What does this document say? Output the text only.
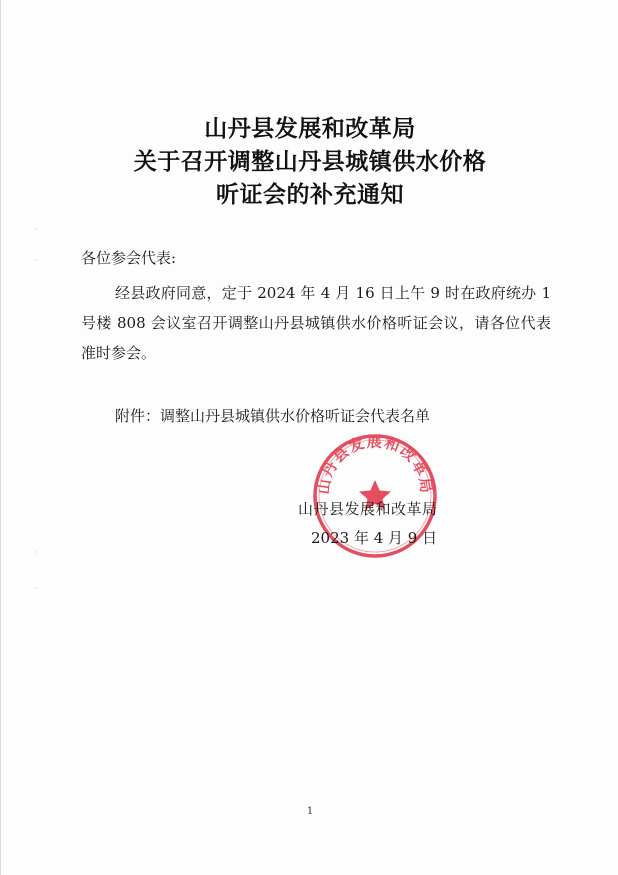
山丹县发展和改革局
关于召开调整山丹县城镇供水价格
听证会的补充通知
各位参会代表:
经县政府同意，定于 2024 年 4 月 16 日上午 9 时在政府统办 1 号楼 808 会议室召开调整山丹县城镇供水价格听证会议，请各位代表准时参会。
附件：调整山丹县城镇供水价格听证会代表名单
山丹县发展和改革局
山丹县发展和改革局
2023 年 4 月 9 日
1
ˋ
·
·
·
